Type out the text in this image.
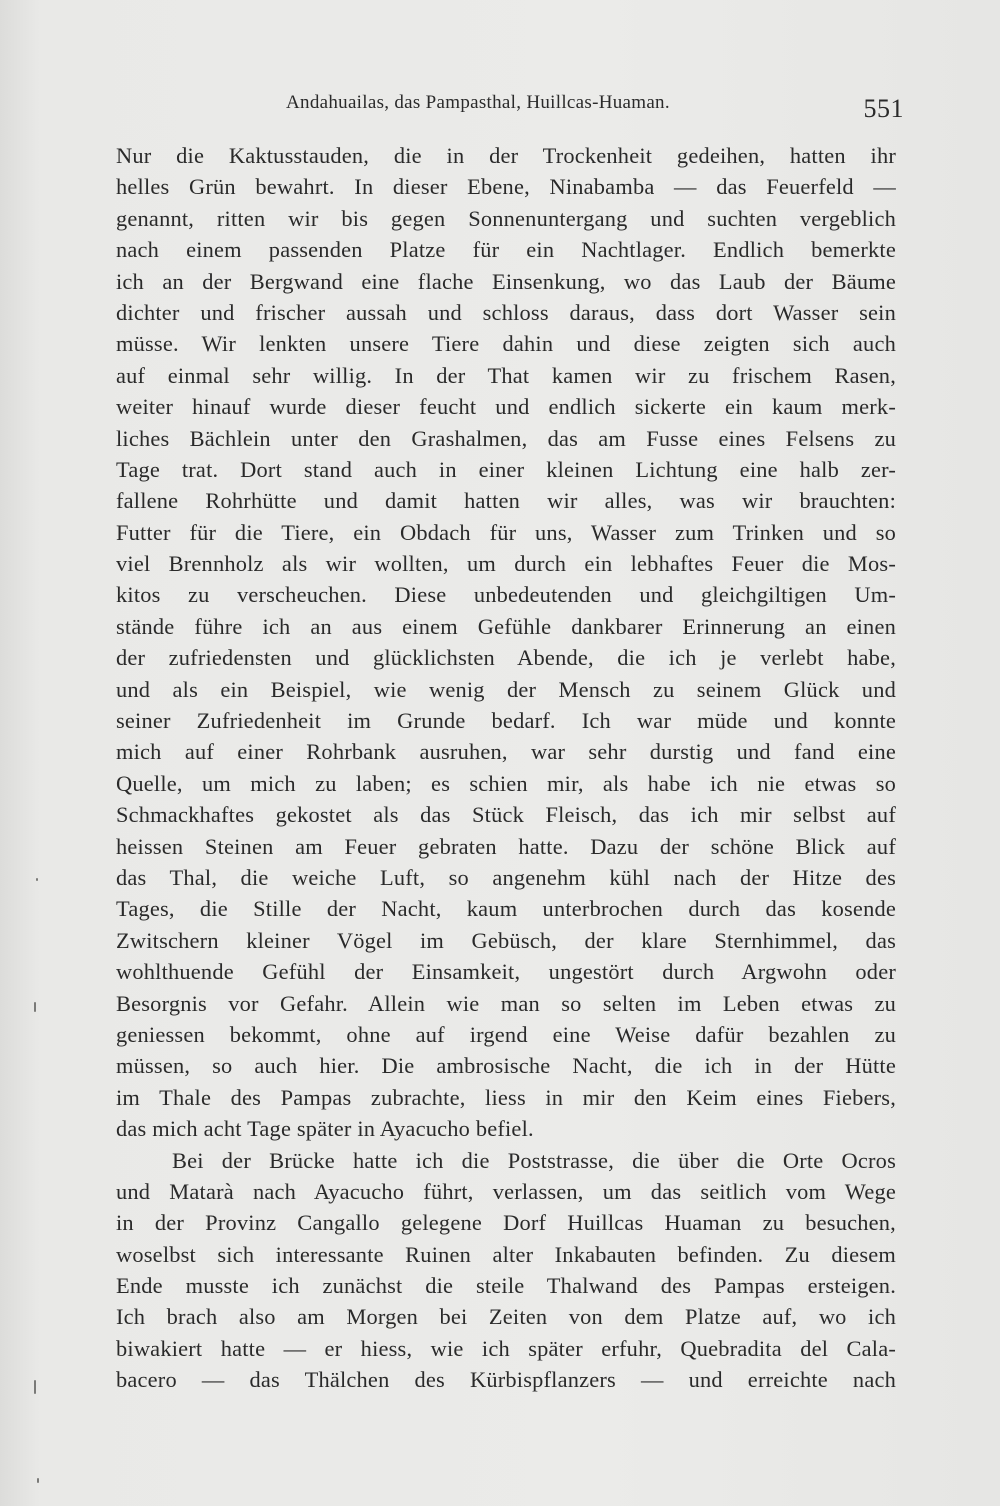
Andahuailas, das Pampasthal, Huillcas-Huaman.	551
Nur die Kaktusstauden, die in der Trockenheit gedeihen, hatten ihr
helles Grün bewahrt. In dieser Ebene, Ninabamba — das Feuerfeld —
genannt, ritten wir bis gegen Sonnenuntergang und suchten vergeblich
nach einem passenden Platze für ein Nachtlager. Endlich bemerkte
ich an der Bergwand eine flache Einsenkung, wo das Laub der Bäume
dichter und frischer aussah und schloss daraus, dass dort Wasser sein
müsse. Wir lenkten unsere Tiere dahin und diese zeigten sich auch
auf einmal sehr willig. In der That kamen wir zu frischem Rasen,
weiter hinauf wurde dieser feucht und endlich sickerte ein kaum merk-
liches Bächlein unter den Grashalmen, das am Fusse eines Felsens zu
Tage trat. Dort stand auch in einer kleinen Lichtung eine halb zer-
fallene Rohrhütte und damit hatten wir alles, was wir brauchten:
Futter für die Tiere, ein Obdach für uns, Wasser zum Trinken und so
viel Brennholz als wir wollten, um durch ein lebhaftes Feuer die Mos-
kitos zu verscheuchen. Diese unbedeutenden und gleichgiltigen Um-
stände führe ich an aus einem Gefühle dankbarer Erinnerung an einen
der zufriedensten und glücklichsten Abende, die ich je verlebt habe,
und als ein Beispiel, wie wenig der Mensch zu seinem Glück und
seiner Zufriedenheit im Grunde bedarf. Ich war müde und konnte
mich auf einer Rohrbank ausruhen, war sehr durstig und fand eine
Quelle, um mich zu laben; es schien mir, als habe ich nie etwas so
Schmackhaftes gekostet als das Stück Fleisch, das ich mir selbst auf
heissen Steinen am Feuer gebraten hatte. Dazu der schöne Blick auf
das Thal, die weiche Luft, so angenehm kühl nach der Hitze des
Tages, die Stille der Nacht, kaum unterbrochen durch das kosende
Zwitschern kleiner Vögel im Gebüsch, der klare Sternhimmel, das
wohlthuende Gefühl der Einsamkeit, ungestört durch Argwohn oder
Besorgnis vor Gefahr. Allein wie man so selten im Leben etwas zu
geniessen bekommt, ohne auf irgend eine Weise dafür bezahlen zu
müssen, so auch hier. Die ambrosische Nacht, die ich in der Hütte
im Thale des Pampas zubrachte, liess in mir den Keim eines Fiebers,
das mich acht Tage später in Ayacucho befiel.
Bei der Brücke hatte ich die Poststrasse, die über die Orte Ocros
und Matarà nach Ayacucho führt, verlassen, um das seitlich vom Wege
in der Provinz Cangallo gelegene Dorf Huillcas Huaman zu besuchen,
woselbst sich interessante Ruinen alter Inkabauten befinden. Zu diesem
Ende musste ich zunächst die steile Thalwand des Pampas ersteigen.
Ich brach also am Morgen bei Zeiten von dem Platze auf, wo ich
biwakiert hatte — er hiess, wie ich später erfuhr, Quebradita del Cala-
bacero — das Thälchen des Kürbispflanzers — und erreichte nach
